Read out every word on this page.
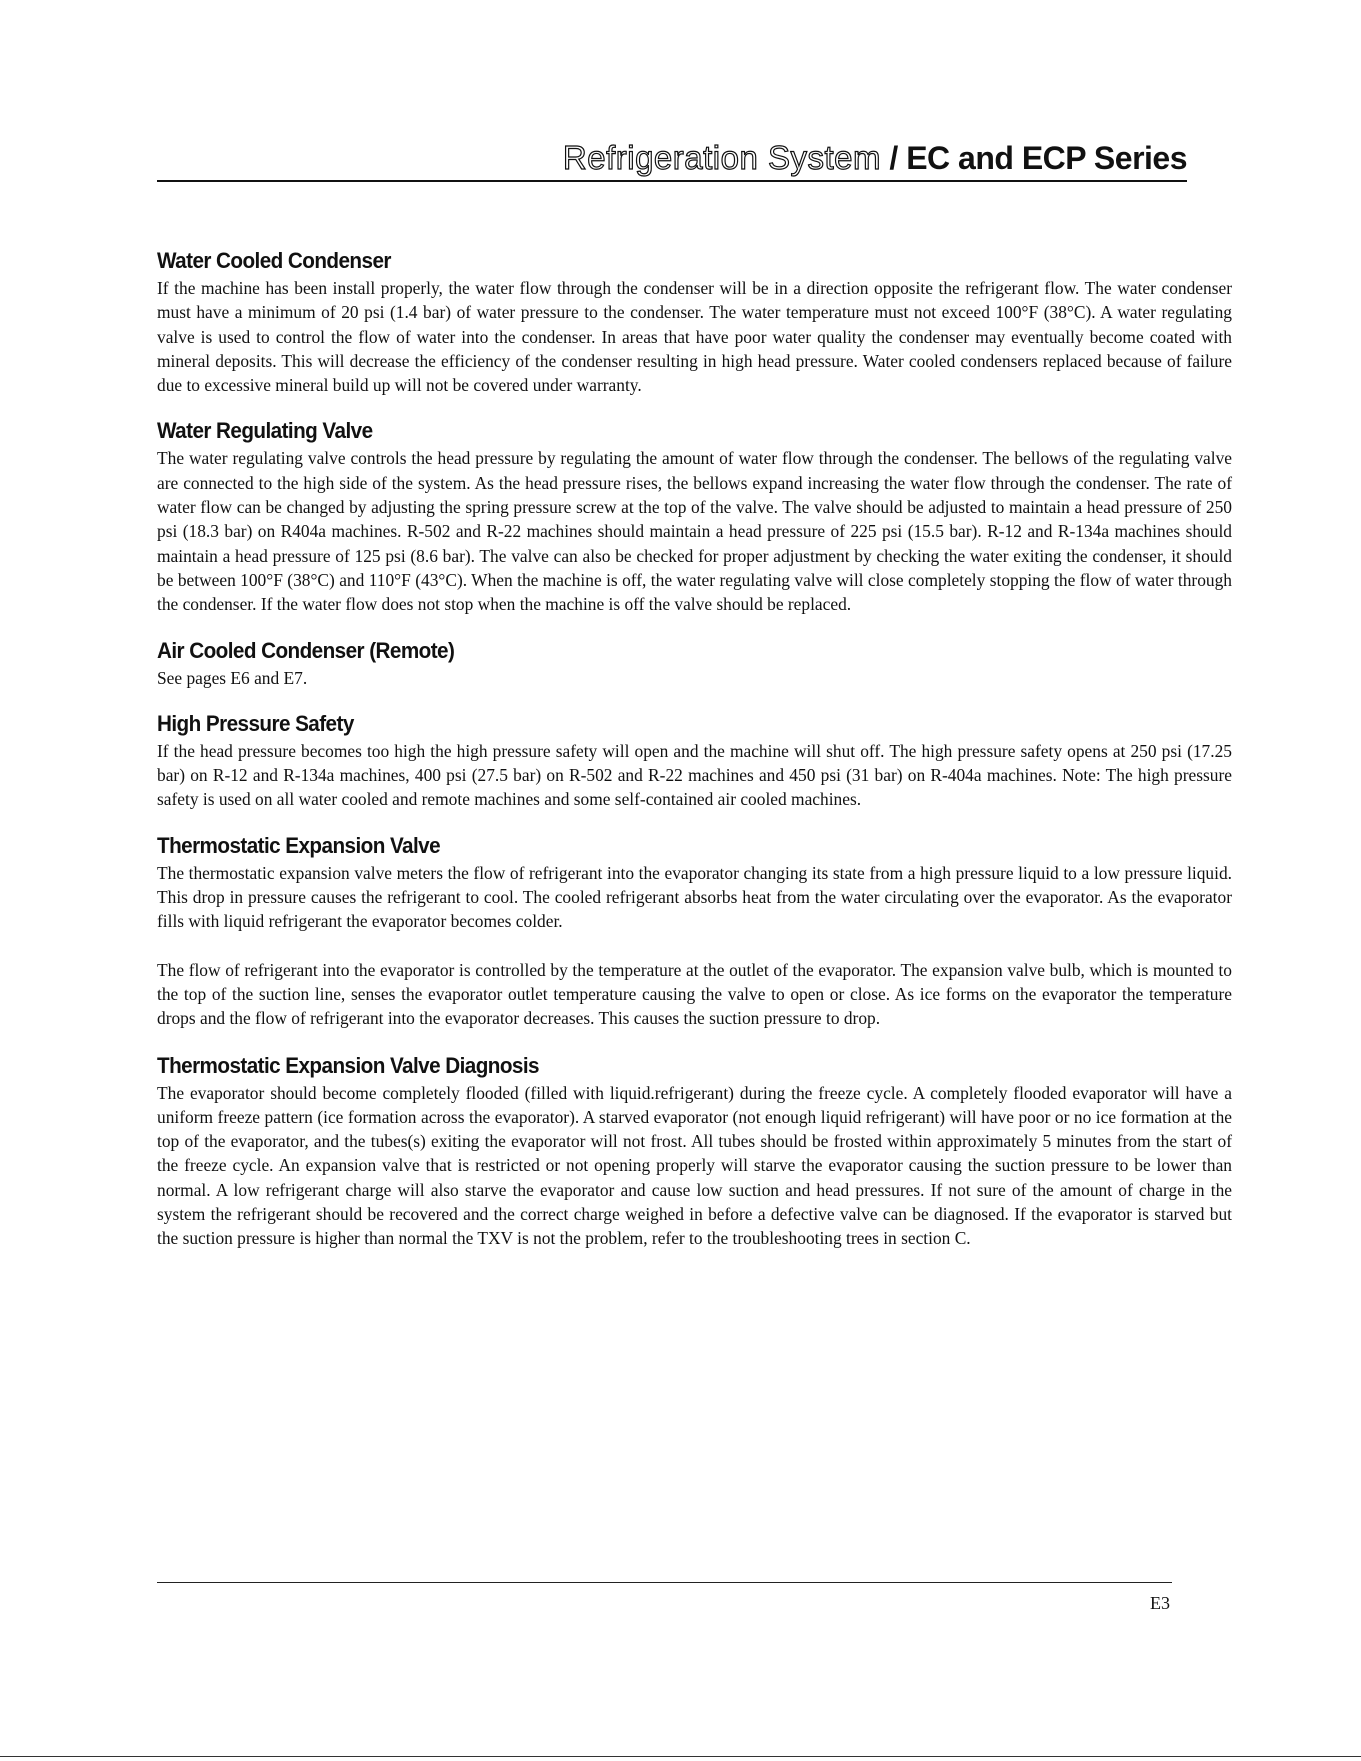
Refrigeration System / EC and ECP Series
Water Cooled Condenser

If the machine has been install properly, the water flow through the condenser will be in a direction opposite the refrigerant flow. The water condenser must have a minimum of 20 psi (1.4 bar) of water pressure to the condenser. The water temperature must not exceed 100°F (38°C). A water regulating valve is used to control the flow of water into the condenser. In areas that have poor water quality the condenser may eventually become coated with mineral deposits. This will decrease the efficiency of the condenser resulting in high head pressure. Water cooled condensers replaced because of failure due to excessive mineral build up will not be covered under warranty.

Water Regulating Valve

The water regulating valve controls the head pressure by regulating the amount of water flow through the condenser. The bellows of the regulating valve are connected to the high side of the system. As the head pressure rises, the bellows expand increasing the water flow through the condenser. The rate of water flow can be changed by adjusting the spring pressure screw at the top of the valve. The valve should be adjusted to maintain a head pressure of 250 psi (18.3 bar) on R404a machines. R-502 and R-22 machines should maintain a head pressure of 225 psi (15.5 bar). R-12 and R-134a machines should maintain a head pressure of 125 psi (8.6 bar). The valve can also be checked for proper adjustment by checking the water exiting the condenser, it should be between 100°F (38°C) and 110°F (43°C). When the machine is off, the water regulating valve will close completely stopping the flow of water through the condenser. If the water flow does not stop when the machine is off the valve should be replaced.

Air Cooled Condenser (Remote)

See pages E6 and E7.

High Pressure Safety

If the head pressure becomes too high the high pressure safety will open and the machine will shut off. The high pressure safety opens at 250 psi (17.25 bar) on R-12 and R-134a machines, 400 psi (27.5 bar) on R-502 and R-22 machines and 450 psi (31 bar) on R-404a machines. Note: The high pressure safety is used on all water cooled and remote machines and some self-contained air cooled machines.

Thermostatic Expansion Valve

The thermostatic expansion valve meters the flow of refrigerant into the evaporator changing its state from a high pressure liquid to a low pressure liquid. This drop in pressure causes the refrigerant to cool. The cooled refrigerant absorbs heat from the water circulating over the evaporator. As the evaporator fills with liquid refrigerant the evaporator becomes colder.

The flow of refrigerant into the evaporator is controlled by the temperature at the outlet of the evaporator. The expansion valve bulb, which is mounted to the top of the suction line, senses the evaporator outlet temperature causing the valve to open or close. As ice forms on the evaporator the temperature drops and the flow of refrigerant into the evaporator decreases. This causes the suction pressure to drop.

Thermostatic Expansion Valve Diagnosis

The evaporator should become completely flooded (filled with liquid.refrigerant) during the freeze cycle. A completely flooded evaporator will have a uniform freeze pattern (ice formation across the evaporator). A starved evaporator (not enough liquid refrigerant) will have poor or no ice formation at the top of the evaporator, and the tubes(s) exiting the evaporator will not frost. All tubes should be frosted within approximately 5 minutes from the start of the freeze cycle. An expansion valve that is restricted or not opening properly will starve the evaporator causing the suction pressure to be lower than normal. A low refrigerant charge will also starve the evaporator and cause low suction and head pressures. If not sure of the amount of charge in the system the refrigerant should be recovered and the correct charge weighed in before a defective valve can be diagnosed. If the evaporator is starved but the suction pressure is higher than normal the TXV is not the problem, refer to the troubleshooting trees in section C.

E3
